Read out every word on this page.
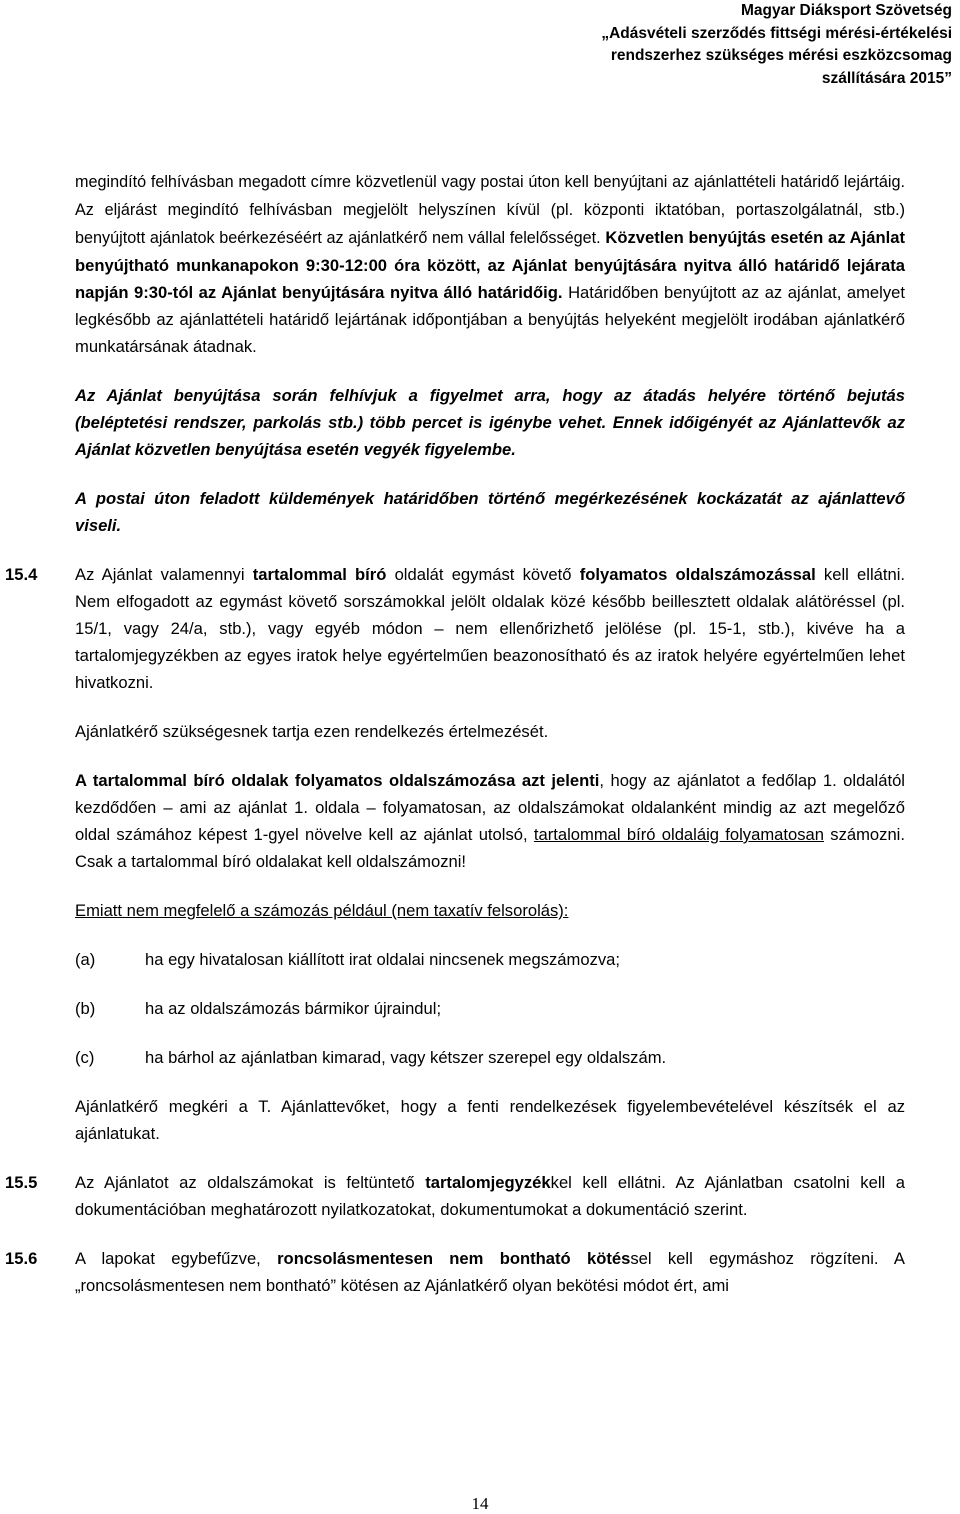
Magyar Diáksport Szövetség
„Adásvételi szerződés fittségi mérési-értékelési
rendszerhez szükséges mérési eszközcsomag
szállítására 2015”

megindító felhívásban megadott címre közvetlenül vagy postai úton kell benyújtani az ajánlattételi határidő lejártáig. Az eljárást megindító felhívásban megjelölt helyszínen kívül (pl. központi iktatóban, portaszolgálatnál, stb.) benyújtott ajánlatok beérkezéséért az ajánlatkérő nem vállal felelősséget. Közvetlen benyújtás esetén az Ajánlat benyújtható munkanapokon 9:30-12:00 óra között, az Ajánlat benyújtására nyitva álló határidő lejárata napján 9:30-tól az Ajánlat benyújtására nyitva álló határidőig. Határidőben benyújtott az az ajánlat, amelyet legkésőbb az ajánlattételi határidő lejártának időpontjában a benyújtás helyeként megjelölt irodában ajánlatkérő munkatársának átadnak.

Az Ajánlat benyújtása során felhívjuk a figyelmet arra, hogy az átadás helyére történő bejutás (beléptetési rendszer, parkolás stb.) több percet is igénybe vehet. Ennek időigényét az Ajánlattevők az Ajánlat közvetlen benyújtása esetén vegyék figyelembe.

A postai úton feladott küldemények határidőben történő megérkezésének kockázatát az ajánlattevő viseli.

15.4 Az Ajánlat valamennyi tartalommal bíró oldalát egymást követő folyamatos oldalszámozással kell ellátni. Nem elfogadott az egymást követő sorszámokkal jelölt oldalak közé később beillesztett oldalak alátöréssel (pl. 15/1, vagy 24/a, stb.), vagy egyéb módon – nem ellenőrizhető jelölése (pl. 15-1, stb.), kivéve ha a tartalomjegyzékben az egyes iratok helye egyértelműen beazonosítható és az iratok helyére egyértelműen lehet hivatkozni.

Ajánlatkérő szükségesnek tartja ezen rendelkezés értelmezését.

A tartalommal bíró oldalak folyamatos oldalszámozása azt jelenti, hogy az ajánlatot a fedőlap 1. oldalától kezdődően – ami az ajánlat 1. oldala – folyamatosan, az oldalszámokat oldalanként mindig az azt megelőző oldal számához képest 1-gyel növelve kell az ajánlat utolsó, tartalommal bíró oldaláig folyamatosan számozni. Csak a tartalommal bíró oldalakat kell oldalszámozni!

Emiatt nem megfelelő a számozás például (nem taxatív felsorolás):

(a)	ha egy hivatalosan kiállított irat oldalai nincsenek megszámozva;
(b)	ha az oldalszámozás bármikor újraindul;
(c)	ha bárhol az ajánlatban kimarad, vagy kétszer szerepel egy oldalszám.

Ajánlatkérő megkéri a T. Ajánlattevőket, hogy a fenti rendelkezések figyelembevételével készítsék el az ajánlatukat.

15.5 Az Ajánlatot az oldalszámokat is feltüntető tartalomjegyzékkel kell ellátni. Az Ajánlatban csatolni kell a dokumentációban meghatározott nyilatkozatokat, dokumentumokat a dokumentáció szerint.

15.6 A lapokat egybefűzve, roncsolásmentesen nem bontható kötéssel kell egymáshoz rögzíteni. A „roncsolásmentesen nem bontható” kötésen az Ajánlatkérő olyan bekötési módot ért, ami

14
